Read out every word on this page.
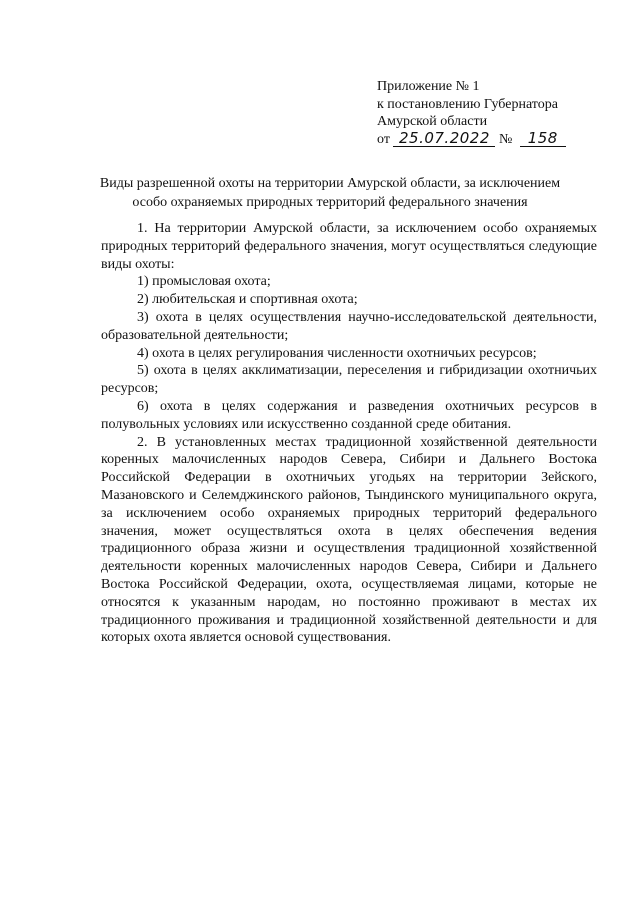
Приложение № 1
к постановлению Губернатора
Амурской области
от 25.07.2022 № 158
Виды разрешенной охоты на территории Амурской области, за исключением
особо охраняемых природных территорий федерального значения

1. На территории Амурской области, за исключением особо охраняемых природных территорий федерального значения, могут осуществляться следующие виды охоты:

1) промысловая охота;

2) любительская и спортивная охота;

3) охота в целях осуществления научно-исследовательской деятельности, образовательной деятельности;

4) охота в целях регулирования численности охотничьих ресурсов;

5) охота в целях акклиматизации, переселения и гибридизации охотничьих ресурсов;

6) охота в целях содержания и разведения охотничьих ресурсов в полувольных условиях или искусственно созданной среде обитания.

2. В установленных местах традиционной хозяйственной деятельности коренных малочисленных народов Севера, Сибири и Дальнего Востока Российской Федерации в охотничьих угодьях на территории Зейского, Мазановского и Селемджинского районов, Тындинского муниципального округа, за исключением особо охраняемых природных территорий федерального значения, может осуществляться охота в целях обеспечения ведения традиционного образа жизни и осуществления традиционной хозяйственной деятельности коренных малочисленных народов Севера, Сибири и Дальнего Востока Российской Федерации, охота, осуществляемая лицами, которые не относятся к указанным народам, но постоянно проживают в местах их традиционного проживания и традиционной хозяйственной деятельности и для которых охота является основой существования.
